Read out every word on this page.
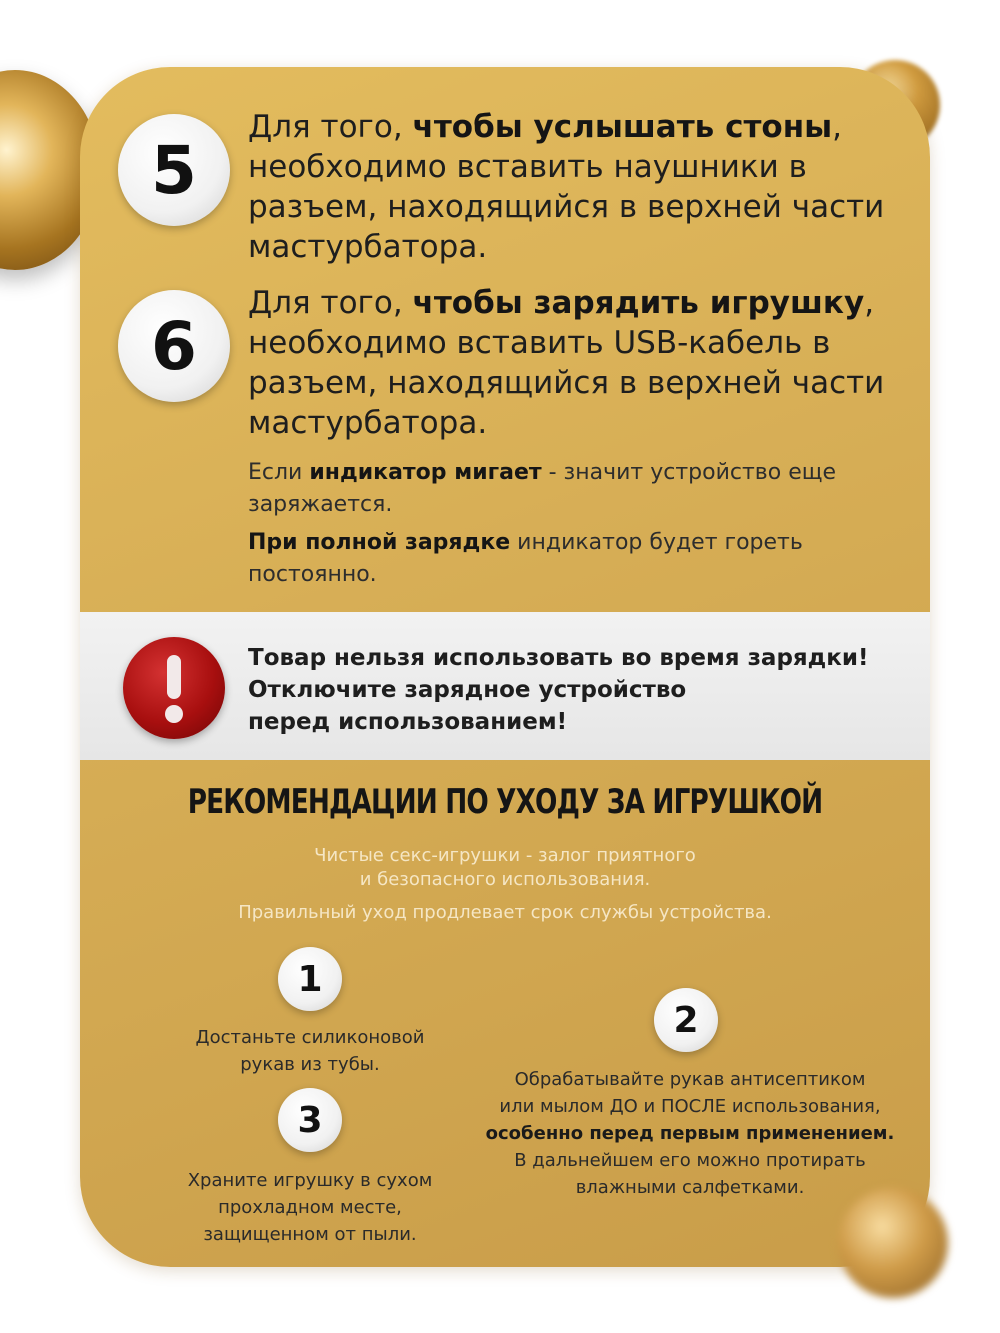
5
Для того, чтобы услышать стоны, необходимо вставить наушники в разъем, находящийся в верхней части мастурбатора.
6
Для того, чтобы зарядить игрушку, необходимо вставить USB-кабель в разъем, находящийся в верхней части мастурбатора.
Если индикатор мигает - значит устройство еще заряжается.
При полной зарядке индикатор будет гореть постоянно.
Товар нельзя использовать во время зарядки!
Отключите зарядное устройство
перед использованием!
РЕКОМЕНДАЦИИ ПО УХОДУ ЗА ИГРУШКОЙ
Чистые секс-игрушки - залог приятного
и безопасного использования.
Правильный уход продлевает срок службы устройства.
1
Достаньте силиконовой
рукав из тубы.
3
Храните игрушку в сухом
прохладном месте,
защищенном от пыли.
2
Обрабатывайте рукав антисептиком
или мылом ДО и ПОСЛЕ использования,
особенно перед первым применением.
В дальнейшем его можно протирать
влажными салфетками.
